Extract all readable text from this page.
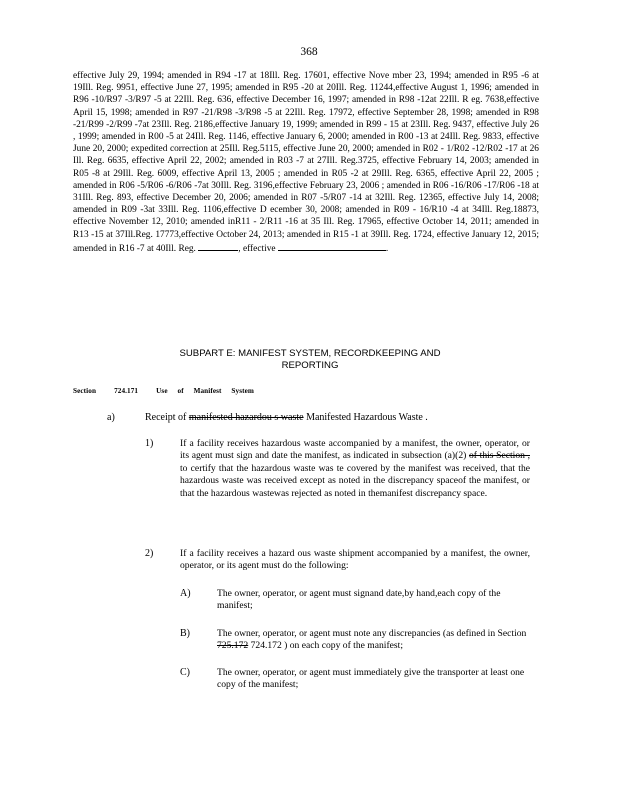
368

effective July 29, 1994; amended in R94 -17 at 18Ill. Reg. 17601, effective Nove mber 23, 1994; amended in R95 -6 at 19Ill. Reg. 9951, effective June 27, 1995; amended in R95 -20 at 20Ill. Reg. 11244,effective August 1, 1996; amended in R96 -10/R97 -3/R97 -5 at 22Ill. Reg. 636, effective December 16, 1997; amended in R98 -12at 22Ill. R eg. 7638,effective April 15, 1998; amended in R97 -21/R98 -3/R98 -5 at 22Ill. Reg. 17972, effective September 28, 1998; amended in R98 -21/R99 -2/R99 -7at 23Ill. Reg. 2186,effective January 19, 1999; amended in R99 - 15 at 23Ill. Reg. 9437, effective July 26 , 1999; amended in R00 -5 at 24Ill. Reg. 1146, effective January 6, 2000; amended in R00 -13 at 24Ill. Reg. 9833, effective June 20, 2000; expedited correction at 25Ill. Reg.5115, effective June 20, 2000; amended in R02 - 1/R02 -12/R02 -17 at 26 Ill. Reg. 6635, effective April 22, 2002; amended in R03 -7 at 27Ill. Reg.3725, effective February 14, 2003; amended in R05 -8 at 29Ill. Reg. 6009, effective April 13, 2005 ; amended in R05 -2 at 29Ill. Reg. 6365, effective April 22, 2005 ; amended in R06 -5/R06 -6/R06 -7at 30Ill. Reg. 3196,effective February 23, 2006 ; amended in R06 -16/R06 -17/R06 -18 at 31Ill. Reg. 893, effective December 20, 2006; amended in R07 -5/R07 -14 at 32Ill. Reg. 12365, effective July 14, 2008; amended in R09 -3at 33Ill. Reg. 1106,effective D ecember 30, 2008; amended in R09 - 16/R10 -4 at 34Ill. Reg.18873, effective November 12, 2010; amended inR11 - 2/R11 -16 at 35 Ill. Reg. 17965, effective October 14, 2011; amended in R13 -15 at 37Ill.Reg. 17773,effective October 24, 2013; amended in R15 -1 at 39Ill. Reg. 1724, effective January 12, 2015; amended in R16 -7 at 40Ill. Reg.	, effective	.

SUBPART E: MANIFEST SYSTEM, RECORDKEEPING AND
REPORTING
Section	724.171	Use of Manifest System
a)	Receipt of manifested hazardou s waste Manifested Hazardous Waste .
1)	If a facility receives hazardous waste accompanied by a manifest, the owner, operator, or its agent must sign and date the manifest, as indicated in subsection (a)(2) of this Section , to certify that the hazardous waste was te covered by the manifest was received, that the hazardous waste was received except as noted in the discrepancy spaceof the manifest, or that the hazardous wastewas rejected as noted in themanifest discrepancy space.

2)	If a facility receives a hazard ous waste shipment accompanied by a manifest, the owner, operator, or its agent must do the following:

A)	The owner, operator, or agent must signand date,by hand,each copy of the manifest;

B)	The owner, operator, or agent must note any discrepancies (as defined in Section 725.172 724.172 ) on each copy of the manifest;

C)	The owner, operator, or agent must immediately give the transporter at least one copy of the manifest;
